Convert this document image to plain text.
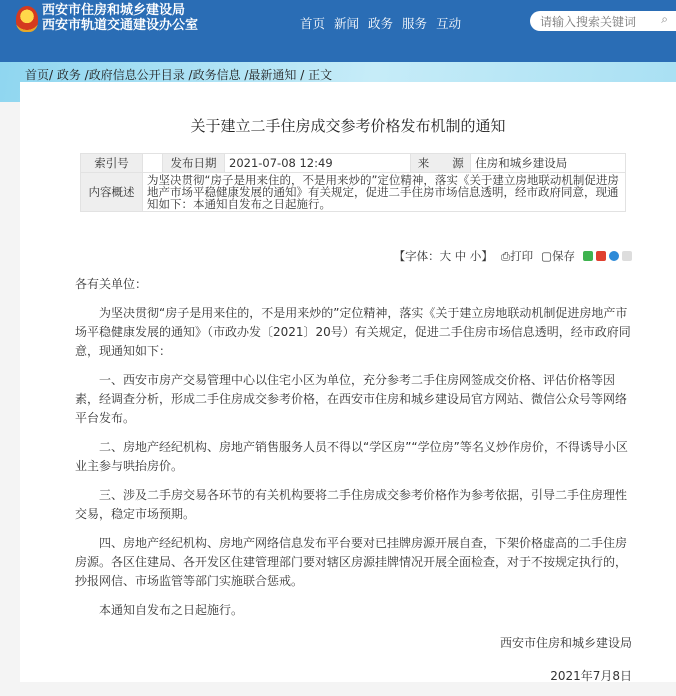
西安市住房和城乡建设局
西安市轨道交通建设办公室	首页 新闻 政务 服务 互动	请输入搜索关键词 ⌕
首页/ 政务 /政府信息公开目录 /政务信息 /最新通知 / 正文
关于建立二手住房成交参考价格发布机制的通知
索引号		发布日期	2021-07-08 12:49	来　　源	住房和城乡建设局
内容概述	为坚决贯彻“房子是用来住的，不是用来炒的”定位精神，落实《关于建立房地联动机制促进房地产市场平稳健康发展的通知》有关规定，促进二手住房市场信息透明，经市政府同意，现通知如下：本通知自发布之日起施行。				
【字体：大 中 小】 ⎙打印 ▢保存

各有关单位：

为坚决贯彻“房子是用来住的，不是用来炒的”定位精神，落实《关于建立房地联动机制促进房地产市场平稳健康发展的通知》（市政办发〔2021〕20号）有关规定，促进二手住房市场信息透明，经市政府同意，现通知如下：

一、西安市房产交易管理中心以住宅小区为单位，充分参考二手住房网签成交价格、评估价格等因素，经调查分析，形成二手住房成交参考价格，在西安市住房和城乡建设局官方网站、微信公众号等网络平台发布。

二、房地产经纪机构、房地产销售服务人员不得以“学区房”“学位房”等名义炒作房价，不得诱导小区业主参与哄抬房价。

三、涉及二手房交易各环节的有关机构要将二手住房成交参考价格作为参考依据，引导二手住房理性交易，稳定市场预期。

四、房地产经纪机构、房地产网络信息发布平台要对已挂牌房源开展自查，下架价格虚高的二手住房房源。各区住建局、各开发区住建管理部门要对辖区房源挂牌情况开展全面检查，对于不按规定执行的，抄报网信、市场监管等部门实施联合惩戒。

本通知自发布之日起施行。

西安市住房和城乡建设局

2021年7月8日
